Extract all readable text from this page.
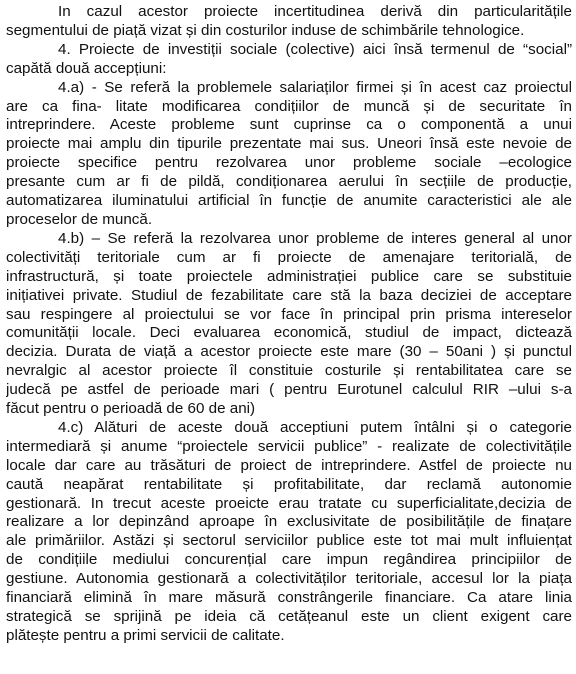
In cazul acestor proiecte incertitudinea derivă din particularitățile
segmentului de piață vizat și din costurilor induse de schimbările tehnologice.
4. Proiecte de investiții sociale (colective) aici însă termenul de “social”
capătă două accepțiuni:
4.a) - Se referă la problemele salariaților firmei și în acest caz proiectul
are ca fina- litate modificarea condițiilor de muncă și de securitate în
intreprindere. Aceste probleme sunt cuprinse ca o componentă a unui
proiecte mai amplu din tipurile prezentate mai sus. Uneori însă este nevoie de
proiecte specifice pentru rezolvarea unor probleme sociale –ecologice
presante cum ar fi de pildă, condiționarea aerului în secțiile de producție,
automatizarea iluminatului artificial în funcție de anumite caracteristici ale ale
proceselor de muncă.
4.b) – Se referă la rezolvarea unor probleme de interes general al unor
colectivități teritoriale cum ar fi proiecte de amenajare teritorială, de
infrastructură, și toate proiectele administrației publice care se substituie
inițiativei private. Studiul de fezabilitate care stă la baza deciziei de acceptare
sau respingere al proiectului se vor face în principal prin prisma intereselor
comunității locale. Deci evaluarea economică, studiul de impact, dictează
decizia. Durata de viață a acestor proiecte este mare (30 – 50ani ) și punctul
nevralgic al acestor proiecte îl constituie costurile și rentabilitatea care se
judecă pe astfel de perioade mari ( pentru Eurotunel calculul RIR –ului s-a
făcut pentru o perioadă de 60 de ani)
4.c) Alături de aceste două acceptiuni putem întâlni și o categorie
intermediară și anume “proiectele servicii publice” - realizate de colectivitățile
locale dar care au trăsături de proiect de intreprindere. Astfel de proiecte nu
caută neapărat rentabilitate și profitabilitate, dar reclamă autonomie
gestionară. In trecut aceste proeicte erau tratate cu superficialitate,decizia de
realizare a lor depinzând aproape în exclusivitate de posibilitățile de finațare
ale primăriilor. Astăzi și sectorul serviciilor publice este tot mai mult influiențat
de condițiile mediului concurențial care impun regândirea principiilor de
gestiune. Autonomia gestionară a colectivităților teritoriale, accesul lor la piața
financiară elimină în mare măsură constrângerile financiare. Ca atare linia
strategică se sprijină pe ideia că cetățeanul este un client exigent care
plătește pentru a primi servicii de calitate.
